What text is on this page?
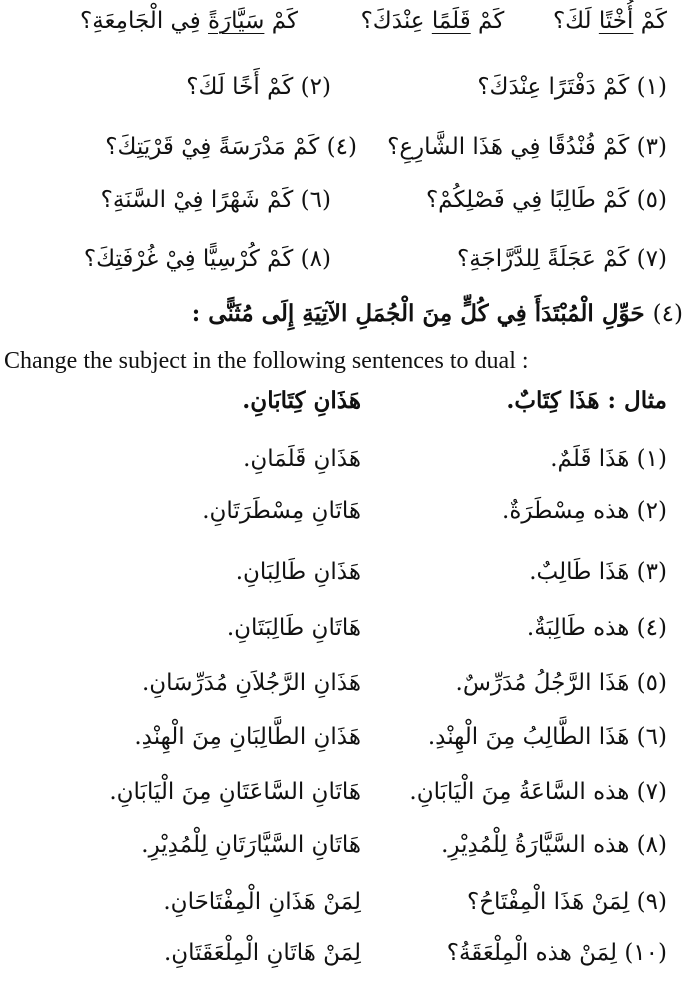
كَمْ أُخْتًا لَكَ؟  كَمْ قَلَمًا عِنْدَكَ؟  كَمْ سَيَّارَةً فِي الْجَامِعَةِ؟
(١) كَمْ دَفْتَرًا عِنْدَكَ؟
(٢) كَمْ أَخًا لَكَ؟
(٣) كَمْ فُنْدُقًا فِي هَذَا الشَّارِعِ؟
(٤) كَمْ مَدْرَسَةً فِيْ قَرْيَتِكَ؟
(٥) كَمْ طَالِبًا فِي فَصْلِكُمْ؟
(٦) كَمْ شَهْرًا فِيْ السَّنَةِ؟
(٧) كَمْ عَجَلَةً لِلدَّرَّاجَةِ؟
(٨) كَمْ كُرْسِيًّا فِيْ غُرْفَتِكَ؟
(٤) حَوِّلِ الْمُبْتَدَأَ فِي كُلٍّ مِنَ الْجُمَلِ الآتِيَةِ إِلَى مُثَنًّى :
Change the subject in the following sentences to dual :
مثال : هَذَا كِتَابٌ.
هَذَانِ كِتَابَانِ.
(١) هَذَا قَلَمٌ.
هَذَانِ قَلَمَانِ.
(٢) هذه مِسْطَرَةٌ.
هَاتَانِ مِسْطَرَتَانِ.
(٣) هَذَا طَالِبٌ.
هَذَانِ طَالِبَانِ.
(٤) هذه طَالِبَةٌ.
هَاتَانِ طَالِبَتَانِ.
(٥) هَذَا الرَّجُلُ مُدَرِّسٌ.
هَذَانِ الرَّجُلاَنِ مُدَرِّسَانِ.
(٦) هَذَا الطَّالِبُ مِنَ الْهِنْدِ.
هَذَانِ الطَّالِبَانِ مِنَ الْهِنْدِ.
(٧) هذه السَّاعَةُ مِنَ الْيَابَانِ.
هَاتَانِ السَّاعَتَانِ مِنَ الْيَابَانِ.
(٨) هذه السَّيَّارَةُ لِلْمُدِيْرِ.
هَاتَانِ السَّيَّارَتَانِ لِلْمُدِيْرِ.
(٩) لِمَنْ هَذَا الْمِفْتَاحُ؟
لِمَنْ هَذَانِ الْمِفْتَاحَانِ.
(١٠) لِمَنْ هذه الْمِلْعَقَةُ؟
لِمَنْ هَاتَانِ الْمِلْعَقَتَانِ.
